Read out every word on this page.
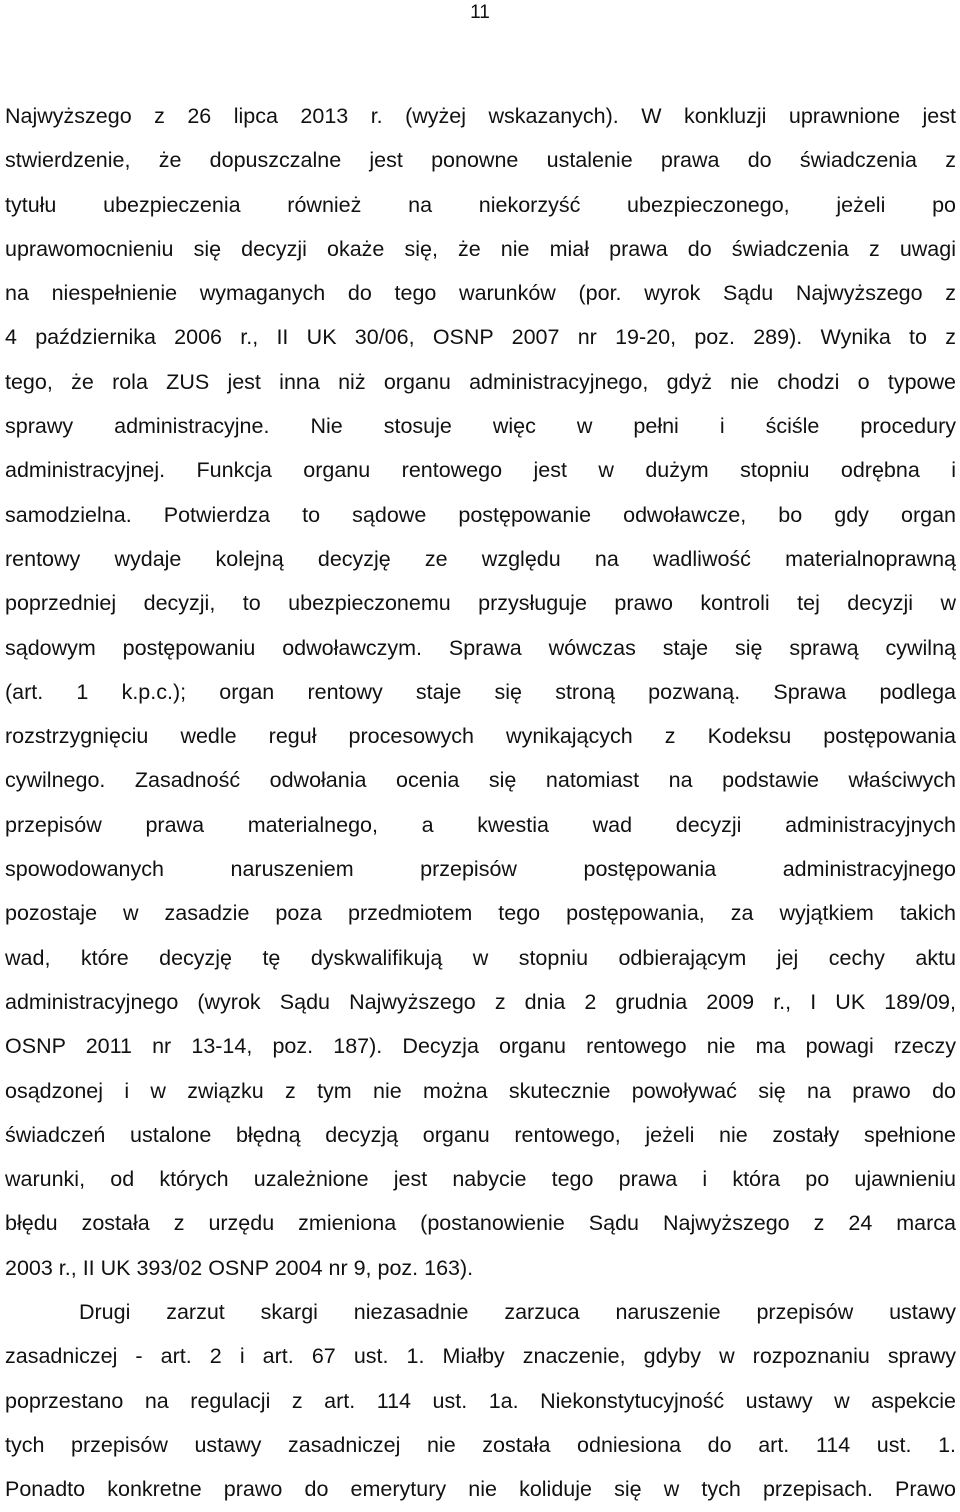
11
Najwyższego z 26 lipca 2013 r. (wyżej wskazanych). W konkluzji uprawnione jest
stwierdzenie, że dopuszczalne jest ponowne ustalenie prawa do świadczenia z
tytułu ubezpieczenia również na niekorzyść ubezpieczonego, jeżeli po
uprawomocnieniu się decyzji okaże się, że nie miał prawa do świadczenia z uwagi
na niespełnienie wymaganych do tego warunków (por. wyrok Sądu Najwyższego z
4 października 2006 r., II UK 30/06, OSNP 2007 nr 19-20, poz. 289). Wynika to z
tego, że rola ZUS jest inna niż organu administracyjnego, gdyż nie chodzi o typowe
sprawy administracyjne. Nie stosuje więc w pełni i ściśle procedury
administracyjnej. Funkcja organu rentowego jest w dużym stopniu odrębna i
samodzielna. Potwierdza to sądowe postępowanie odwoławcze, bo gdy organ
rentowy wydaje kolejną decyzję ze względu na wadliwość materialnoprawną
poprzedniej decyzji, to ubezpieczonemu przysługuje prawo kontroli tej decyzji w
sądowym postępowaniu odwoławczym. Sprawa wówczas staje się sprawą cywilną
(art. 1 k.p.c.); organ rentowy staje się stroną pozwaną. Sprawa podlega
rozstrzygnięciu wedle reguł procesowych wynikających z Kodeksu postępowania
cywilnego. Zasadność odwołania ocenia się natomiast na podstawie właściwych
przepisów prawa materialnego, a kwestia wad decyzji administracyjnych
spowodowanych naruszeniem przepisów postępowania administracyjnego
pozostaje w zasadzie poza przedmiotem tego postępowania, za wyjątkiem takich
wad, które decyzję tę dyskwalifikują w stopniu odbierającym jej cechy aktu
administracyjnego (wyrok Sądu Najwyższego z dnia 2 grudnia 2009 r., I UK 189/09,
OSNP 2011 nr 13-14, poz. 187). Decyzja organu rentowego nie ma powagi rzeczy
osądzonej i w związku z tym nie można skutecznie powoływać się na prawo do
świadczeń ustalone błędną decyzją organu rentowego, jeżeli nie zostały spełnione
warunki, od których uzależnione jest nabycie tego prawa i która po ujawnieniu
błędu została z urzędu zmieniona (postanowienie Sądu Najwyższego z 24 marca
2003 r., II UK 393/02 OSNP 2004 nr 9, poz. 163).
Drugi zarzut skargi niezasadnie zarzuca naruszenie przepisów ustawy
zasadniczej - art. 2 i art. 67 ust. 1. Miałby znaczenie, gdyby w rozpoznaniu sprawy
poprzestano na regulacji z art. 114 ust. 1a. Niekonstytucyjność ustawy w aspekcie
tych przepisów ustawy zasadniczej nie została odniesiona do art. 114 ust. 1.
Ponadto konkretne prawo do emerytury nie koliduje się w tych przepisach. Prawo
